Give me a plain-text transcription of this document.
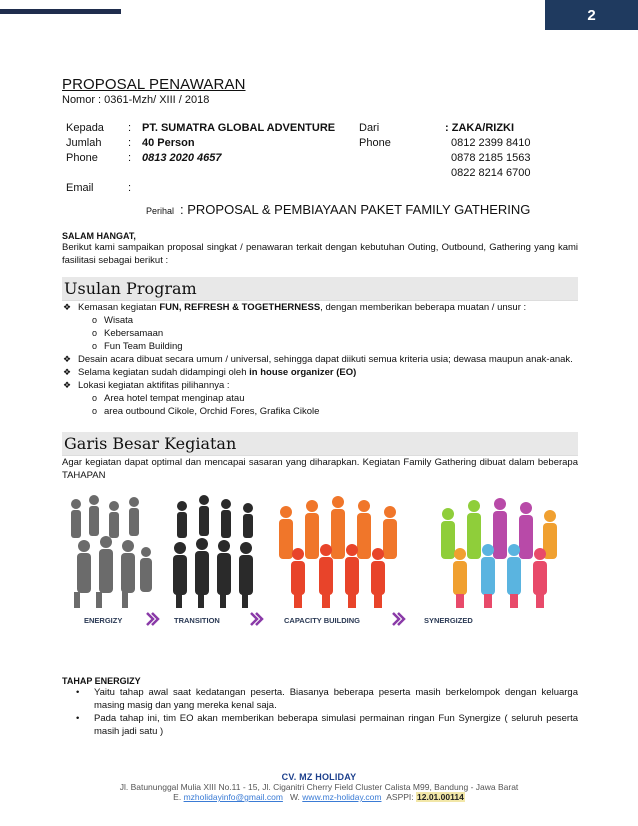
2
PROPOSAL PENAWARAN
Nomor : 0361-Mzh/ XIII / 2018
Kepada : PT. SUMATRA GLOBAL ADVENTURE
Jumlah : 40 Person
Phone	: 0813 2020 4657
Email	:
Dari	: ZAKA/RIZKI
Phone	0812 2399 8410
0878 2185 1563
0822 8214 6700
Perihal : PROPOSAL & PEMBIAYAAN PAKET FAMILY GATHERING
SALAM HANGAT,
Berikut kami sampaikan proposal singkat / penawaran terkait dengan kebutuhan Outing, Outbound, Gathering yang kami fasilitasi sebagai berikut :
Usulan Program
❖ Kemasan kegiatan FUN, REFRESH & TOGETHERNESS, dengan memberikan beberapa muatan / unsur :
o Wisata
o Kebersamaan
o Fun Team Building
❖ Desain acara dibuat secara umum / universal, sehingga dapat diikuti semua kriteria usia; dewasa maupun anak-anak.
❖ Selama kegiatan sudah didampingi oleh in house organizer (EO)
❖ Lokasi kegiatan aktifitas pilihannya :
o Area hotel tempat menginap atau
o area outbound Cikole, Orchid Fores, Grafika Cikole
Garis Besar Kegiatan
Agar kegiatan dapat optimal dan mencapai sasaran yang diharapkan. Kegiatan Family Gathering dibuat dalam beberapa TAHAPAN
ENERGIZY	TRANSITION	CAPACITY BUILDING	SYNERGIZED
TAHAP ENERGIZY
• Yaitu tahap awal saat kedatangan peserta. Biasanya beberapa peserta masih berkelompok dengan keluarga masing masig dan yang mereka kenal saja.
• Pada tahap ini, tim EO akan memberikan beberapa simulasi permainan ringan Fun Synergize ( seluruh peserta masih jadi satu )
CV. MZ HOLIDAY
Jl. Batununggal Mulia XIII No.11 - 15, Jl. Ciganitri Cherry Field Cluster Calista M99, Bandung - Jawa Barat
E. mzholidayinfo@gmail.com W. www.mz-holiday.com ASPPI: 12.01.00114
